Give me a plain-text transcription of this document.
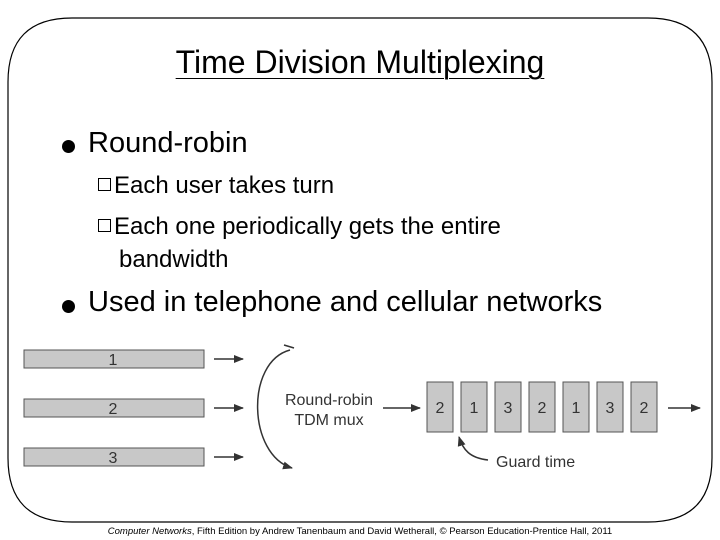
Time Division Multiplexing
Round-robin
Each user takes turn
Each one periodically gets the entire
bandwidth
Used in telephone and cellular networks
1
2
3
Round-robin
TDM mux
2 1 3 2 1 3 2
Guard time
Computer Networks, Fifth Edition by Andrew Tanenbaum and David Wetherall, © Pearson Education-Prentice Hall, 2011
